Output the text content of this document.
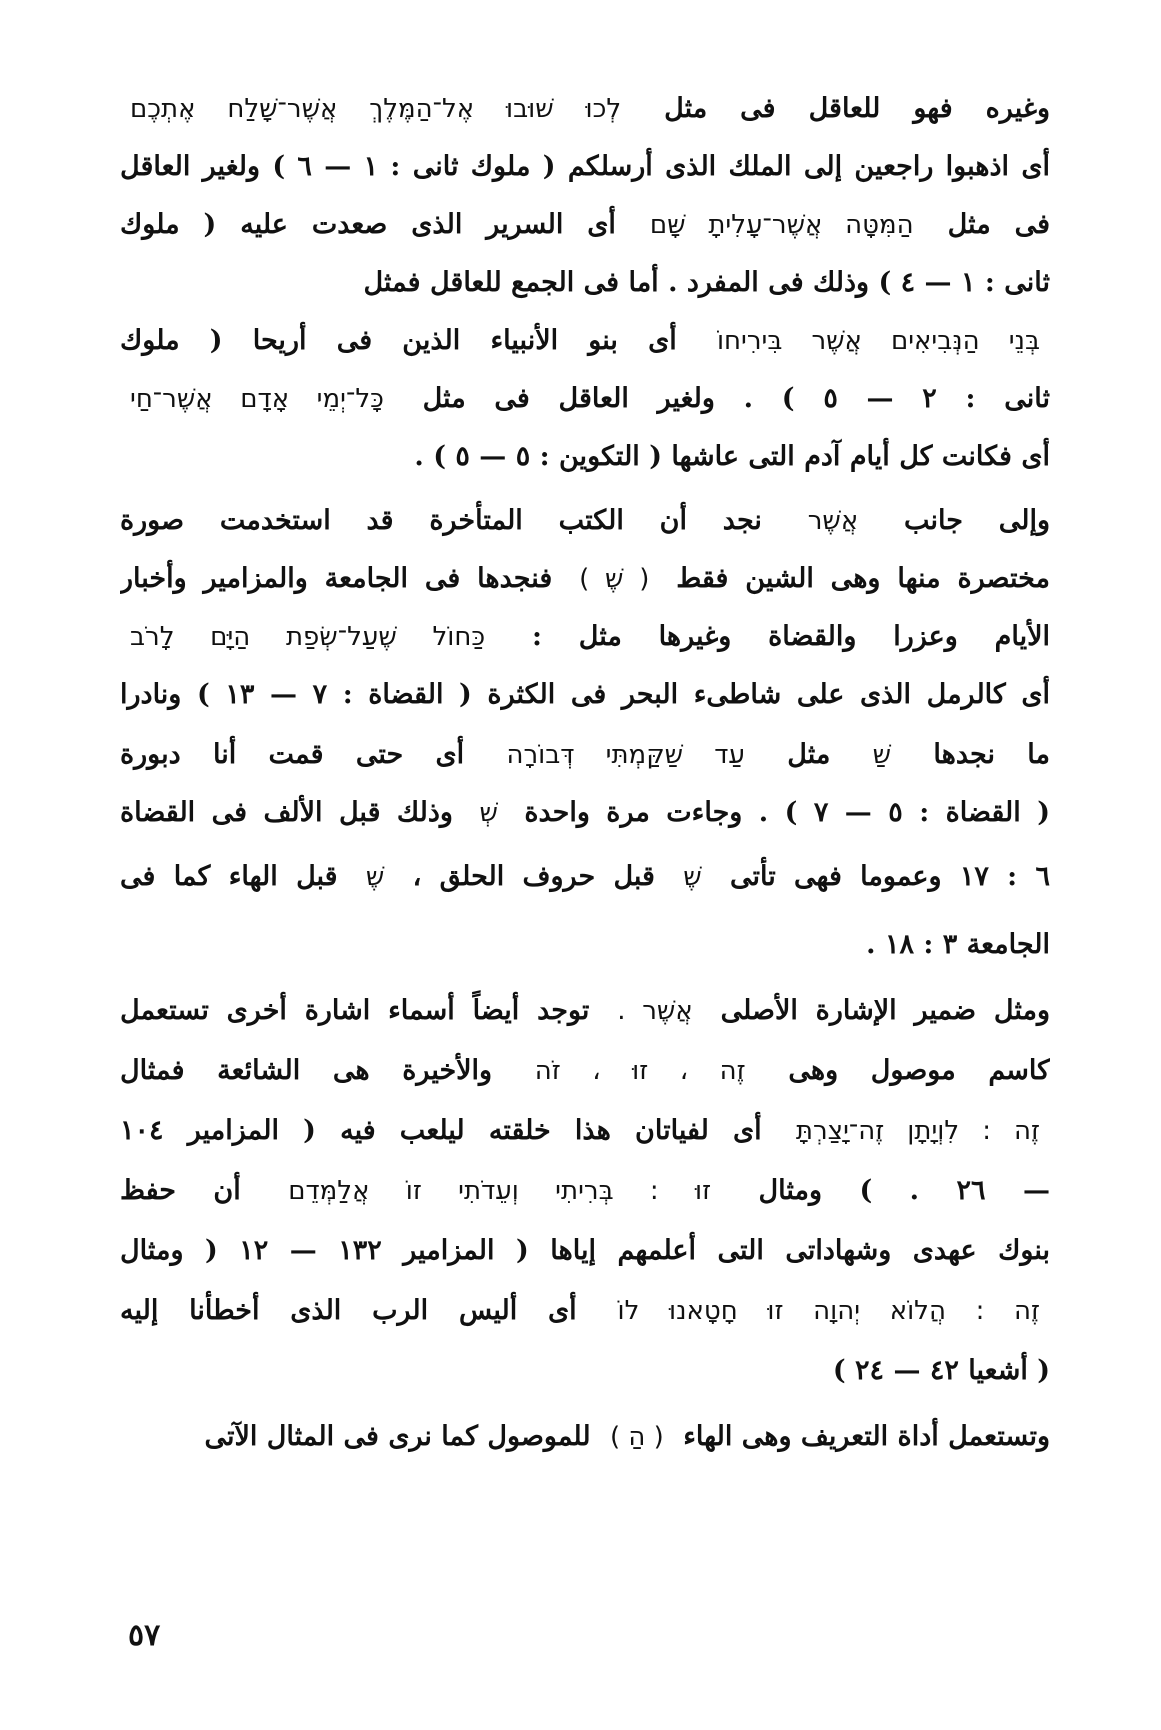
وغيره فهو للعاقل فى مثل לְכוּ שׁוּבוּ אֶל־הַמֶּלֶךְ אֲשֶׁר־שָׁלַח אֶתְכֶם
أى اذهبوا راجعين إلى الملك الذى أرسلكم ( ملوك ثانى : ١ — ٦ ) ولغير العاقل
فى مثل הַמִּטָּה אֲשֶׁר־עָלִיתָ שָּׁם أى السرير الذى صعدت عليه ( ملوك
ثانى : ١ — ٤ ) وذلك فى المفرد . أما فى الجمع للعاقل فمثل
בְּנֵי הַנְּבִיאִים אֲשֶׁר בִּירִיחוֹ أى بنو الأنبياء الذين فى أريحا ( ملوك
ثانى : ٢ — ٥ ) . ولغير العاقل فى مثل כָּל־יְמֵי אָדָם אֲשֶׁר־חַי
أى فكانت كل أيام آدم التى عاشها ( التكوين : ٥ — ٥ ) .
وإلى جانب אֲשֶׁר نجد أن الكتب المتأخرة قد استخدمت صورة
مختصرة منها وهى الشين فقط ( שֶׁ ) فنجدها فى الجامعة والمزامير وأخبار
الأيام وعزرا والقضاة وغيرها مثل : כַּחוֹל שֶׁעַל־שְׂפַת הַיָּם לָרֹב
أى كالرمل الذى على شاطىء البحر فى الكثرة ( القضاة : ٧ — ١٣ ) ونادرا
ما نجدها שַׁ مثل עַד שַׁקַּמְתִּי דְּבוֹרָה أى حتى قمت أنا دبورة
( القضاة : ٥ — ٧ ) . وجاءت مرة واحدة שְׁ وذلك قبل الألف فى القضاة
٦ : ١٧ وعموما فهى تأتى שֶׁ قبل حروف الحلق ، שֶׁ قبل الهاء كما فى
الجامعة ٣ : ١٨ .
ومثل ضمير الإشارة الأصلى אֲשֶׁר . توجد أيضاً أسماء اشارة أخرى تستعمل
كاسم موصول وهى זֶה ، זוּ ، זֹה والأخيرة هى الشائعة فمثال
זֶה : לִוְיָתָן זֶה־יָצַרְתָּ أى لفياتان هذا خلقته ليلعب فيه ( المزامير ١٠٤
— ٢٦ . ) ومثال זוּ : בְּרִיתִי וְעֵדֹתִי זוֹ אֲלַמְּדֵם أن حفظ
بنوك عهدى وشهاداتى التى أعلمهم إياها ( المزامير ١٣٢ — ١٢ ( ومثال
זֶה : הֲלוֹא יְהוָה זוּ חָטָאנוּ לוֹ أى أليس الرب الذى أخطأنا إليه
( أشعيا ٤٢ — ٢٤ )
وتستعمل أداة التعريف وهى الهاء ( הַ ) للموصول كما نرى فى المثال الآتى
٥٧
